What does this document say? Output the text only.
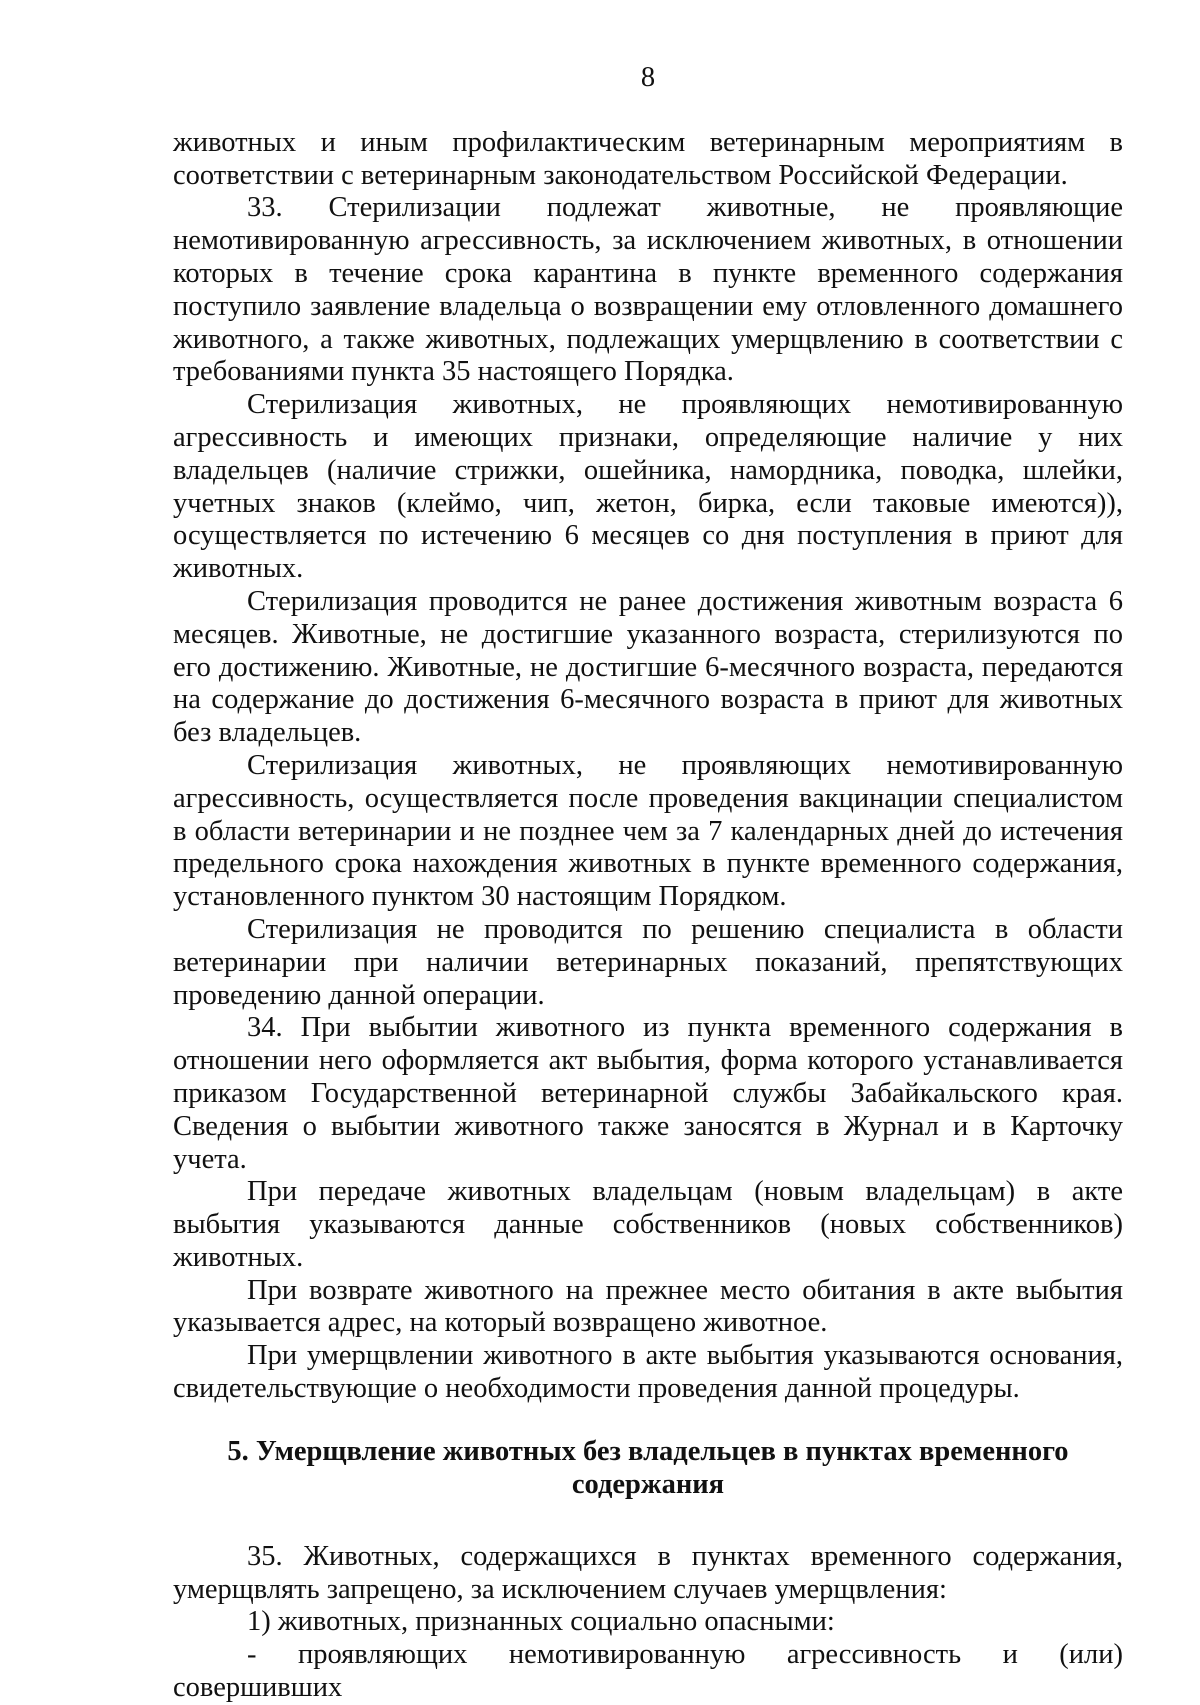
8

животных и иным профилактическим ветеринарным мероприятиям в соответствии с ветеринарным законодательством Российской Федерации.

33. Стерилизации подлежат животные, не проявляющие немотивированную агрессивность, за исключением животных, в отношении которых в течение срока карантина в пункте временного содержания поступило заявление владельца о возвращении ему отловленного домашнего животного, а также животных, подлежащих умерщвлению в соответствии с требованиями пункта 35 настоящего Порядка.

Стерилизация животных, не проявляющих немотивированную агрессивность и имеющих признаки, определяющие наличие у них владельцев (наличие стрижки, ошейника, намордника, поводка, шлейки, учетных знаков (клеймо, чип, жетон, бирка, если таковые имеются)), осуществляется по истечению 6 месяцев со дня поступления в приют для животных.

Стерилизация проводится не ранее достижения животным возраста 6 месяцев. Животные, не достигшие указанного возраста, стерилизуются по его достижению. Животные, не достигшие 6-месячного возраста, передаются на содержание до достижения 6-месячного возраста в приют для животных без владельцев.

Стерилизация животных, не проявляющих немотивированную агрессивность, осуществляется после проведения вакцинации специалистом в области ветеринарии и не позднее чем за 7 календарных дней до истечения предельного срока нахождения животных в пункте временного содержания, установленного пунктом 30 настоящим Порядком.

Стерилизация не проводится по решению специалиста в области ветеринарии при наличии ветеринарных показаний, препятствующих проведению данной операции.

34. При выбытии животного из пункта временного содержания в отношении него оформляется акт выбытия, форма которого устанавливается приказом Государственной ветеринарной службы Забайкальского края. Сведения о выбытии животного также заносятся в Журнал и в Карточку учета.

При передаче животных владельцам (новым владельцам) в акте выбытия указываются данные собственников (новых собственников) животных.

При возврате животного на прежнее место обитания в акте выбытия указывается адрес, на который возвращено животное.

При умерщвлении животного в акте выбытия указываются основания, свидетельствующие о необходимости проведения данной процедуры.

5. Умерщвление животных без владельцев в пунктах временного
содержания

35. Животных, содержащихся в пунктах временного содержания, умерщвлять запрещено, за исключением случаев умерщвления:

1) животных, признанных социально опасными:

- проявляющих немотивированную агрессивность и (или) совершивших
